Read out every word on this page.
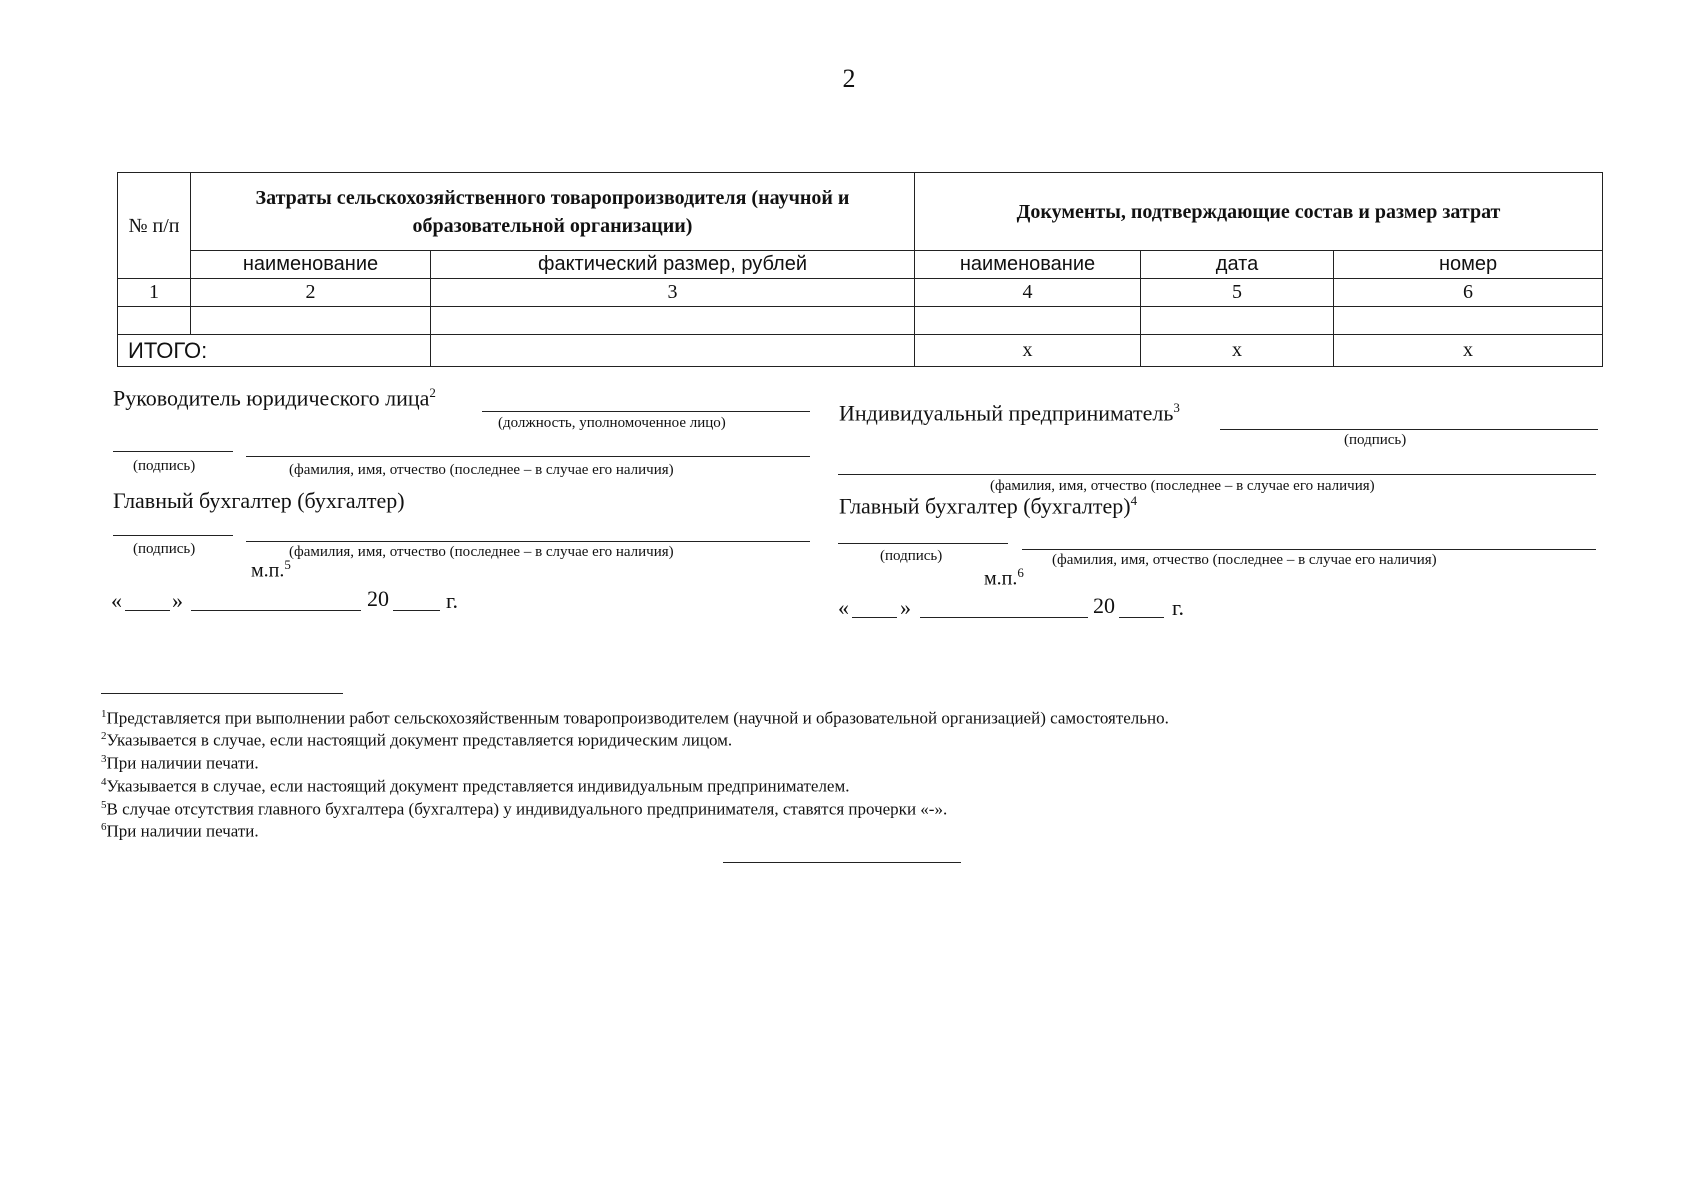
2
№ п/п	Затраты сельскохозяйственного товаропроизводителя (научной и образовательной организации)		Документы, подтверждающие состав и размер затрат		
	наименование	фактический размер, рублей	наименование	дата	номер
1	2	3	4	5	6

ИТОГО:			х	х	х
Руководитель юридического лица$^2$
(должность, уполномоченное лицо)
(подпись)	(фамилия, имя, отчество (последнее – в случае его наличия)
Главный бухгалтер (бухгалтер)
(подпись)	(фамилия, имя, отчество (последнее – в случае его наличия)
м.п.$^5$
« »	20	г.
Индивидуальный предприниматель$^3$
(подпись)
(фамилия, имя, отчество (последнее – в случае его наличия)
Главный бухгалтер (бухгалтер)$^4$
(подпись)	(фамилия, имя, отчество (последнее – в случае его наличия)
м.п.$^6$
« »	20	г.
$^1$Представляется при выполнении работ сельскохозяйственным товаропроизводителем (научной и образовательной организацией) самостоятельно.
$^2$Указывается в случае, если настоящий документ представляется юридическим лицом.
$^3$При наличии печати.
$^4$Указывается в случае, если настоящий документ представляется индивидуальным предпринимателем.
$^5$В случае отсутствия главного бухгалтера (бухгалтера) у индивидуального предпринимателя, ставятся прочерки «-».
$^6$При наличии печати.
